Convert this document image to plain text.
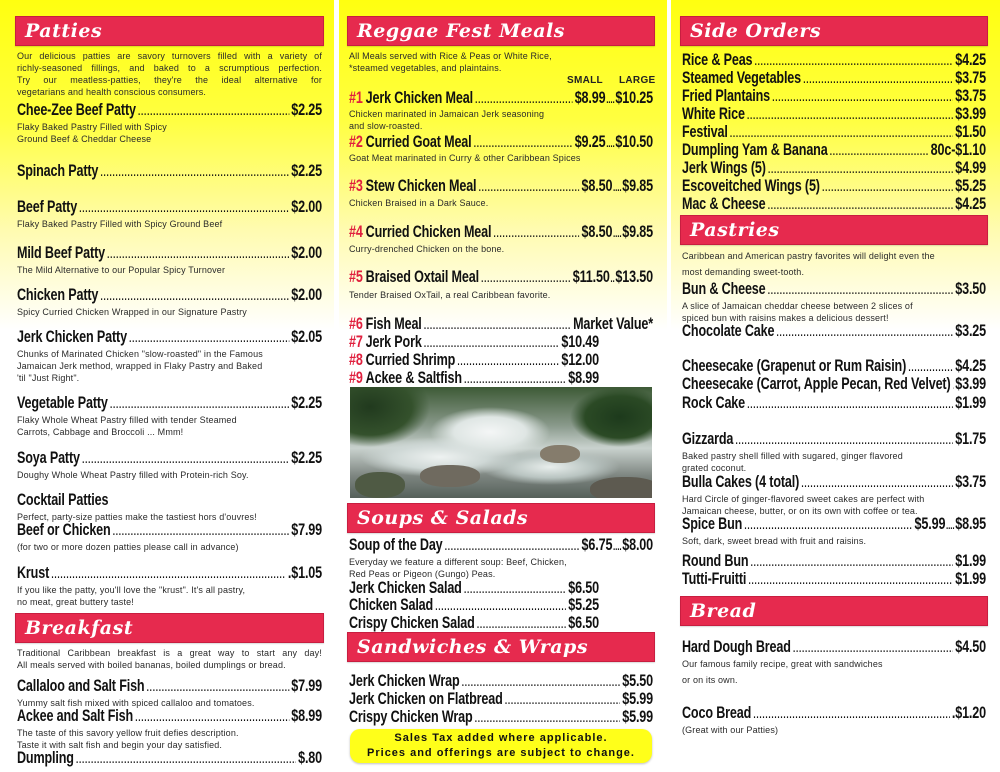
Patties
Our delicious patties are savory turnovers filled with a variety of
richly-seasoned fillings, and baked to a scrumptious perfection.
Try our meatless-patties, they're the ideal alternative for
vegetarians and health conscious consumers.
Chee-Zee Beef Patty .....	$2.25
Flaky Baked Pastry Filled with Spicy
Ground Beef & Cheddar Cheese
Spinach Patty .....	$2.25
Beef Patty .....	$2.00
Flaky Baked Pastry Filled with Spicy Ground Beef
Mild Beef Patty .....	$2.00
The Mild Alternative to our Popular Spicy Turnover
Chicken Patty .....	$2.00
Spicy Curried Chicken Wrapped in our Signature Pastry
Jerk Chicken Patty .....	$2.05
Chunks of Marinated Chicken "slow-roasted" in the Famous
Jamaican Jerk method, wrapped in Flaky Pastry and Baked
'til "Just Right".
Vegetable Patty .....	$2.25
Flaky Whole Wheat Pastry filled with tender Steamed
Carrots, Cabbage and Broccoli ... Mmm!
Soya Patty .....	$2.25
Doughy Whole Wheat Pastry filled with Protein-rich Soy.
Cocktail Patties
Perfect, party-size patties make the tastiest hors d'ouvres!
Beef or Chicken .....	$7.99
(for two or more dozen patties please call in advance)
Krust .....	.$1.05
If you like the patty, you'll love the "krust". It's all pastry,
no meat, great buttery taste!
Breakfast
Traditional Caribbean breakfast is a great way to start any day!
All meals served with boiled bananas, boiled dumplings or bread.
Callaloo and Salt Fish .....	$7.99
Yummy salt fish mixed with spiced callaloo and tomatoes.
Ackee and Salt Fish .....	$8.99
The taste of this savory yellow fruit defies description.
Taste it with salt fish and begin your day satisfied.
Dumpling .....	$.80
Reggae Fest Meals
All Meals served with Rice & Peas or White Rice,
*steamed vegetables, and plaintains.
SMALL LARGE
#1 Jerk Chicken Meal .....	$8.99 .... $10.25
Chicken marinated in Jamaican Jerk seasoning
and slow-roasted.
#2 Curried Goat Meal .....	$9.25 .... $10.50
Goat Meat marinated in Curry & other Caribbean Spices
#3 Stew Chicken Meal .....	$8.50 .... $9.85
Chicken Braised in a Dark Sauce.
#4 Curried Chicken Meal .....	$8.50 .... $9.85
Curry-drenched Chicken on the bone.
#5 Braised Oxtail Meal .....	$11.50 .. $13.50
Tender Braised OxTail, a real Caribbean favorite.
#6 Fish Meal .....	Market Value*
#7 Jerk Pork .....	$10.49
#8 Curried Shrimp .....	$12.00
#9 Ackee & Saltfish .....	$8.99
Soups & Salads
Soup of the Day .....	$6.75 .... $8.00
Everyday we feature a different soup: Beef, Chicken,
Red Peas or Pigeon (Gungo) Peas.
Jerk Chicken Salad .....	$6.50
Chicken Salad .....	$5.25
Crispy Chicken Salad .....	$6.50
Sandwiches & Wraps
Jerk Chicken Wrap .....	$5.50
Jerk Chicken on Flatbread .....	$5.99
Crispy Chicken Wrap .....	$5.99
Side Orders
Rice & Peas .....	$4.25
Steamed Vegetables .....	$3.75
Fried Plantains .....	$3.75
White Rice .....	$3.99
Festival .....	$1.50
Dumpling Yam & Banana .....	80c-$1.10
Jerk Wings (5) .....	$4.99
Escoveitched Wings (5) .....	$5.25
Mac & Cheese .....	$4.25
Pastries
Caribbean and American pastry favorites will delight even the
most demanding sweet-tooth.
Bun & Cheese .....	$3.50
A slice of Jamaican cheddar cheese between 2 slices of
spiced bun with raisins makes a delicious dessert!
Chocolate Cake .....	$3.25
Cheesecake (Grapenut or Rum Raisin) .....	$4.25
Cheesecake (Carrot, Apple Pecan, Red Velvet) ..... $3.99
Rock Cake .....	$1.99
Gizzarda .....	$1.75
Baked pastry shell filled with sugared, ginger flavored
grated coconut.
Bulla Cakes (4 total) .....	$3.75
Hard Circle of ginger-flavored sweet cakes are perfect with
Jamaican cheese, butter, or on its own with coffee or tea.
Spice Bun .....	$5.99 .... $8.95
Soft, dark, sweet bread with fruit and raisins.
Round Bun .....	$1.99
Tutti-Fruitti .....	$1.99
Bread
Hard Dough Bread .....	$4.50
Our famous family recipe, great with sandwiches
or on its own.
Coco Bread .....	.$1.20
(Great with our Patties)
Sales Tax added where applicable.
Prices and offerings are subject to change.
